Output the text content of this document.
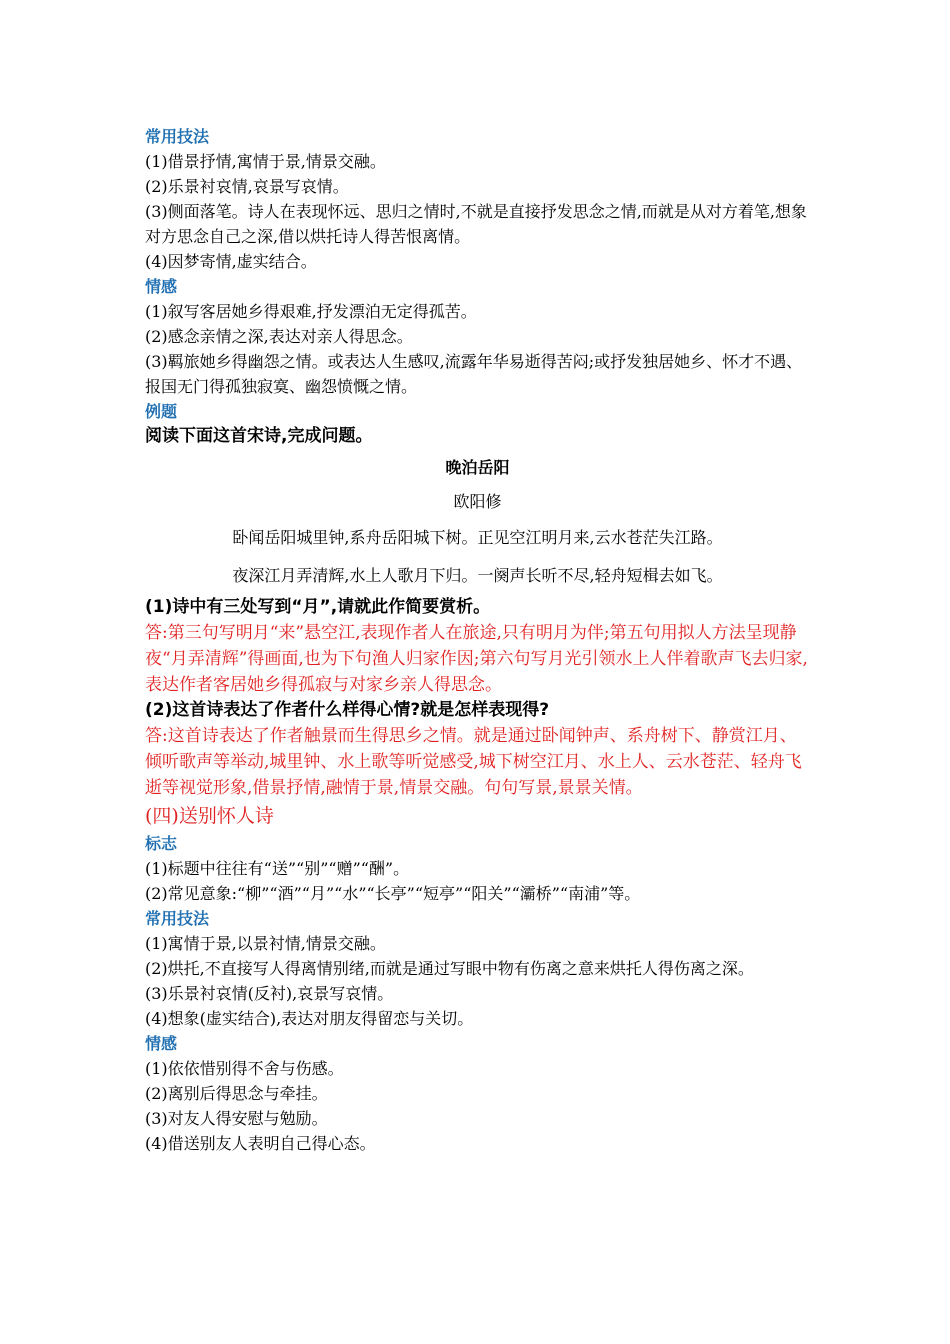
常用技法

(1)借景抒情,寓情于景,情景交融。

(2)乐景衬哀情,哀景写哀情。

(3)侧面落笔。诗人在表现怀远、思归之情时,不就是直接抒发思念之情,而就是从对方着笔,想象对方思念自己之深,借以烘托诗人得苦恨离情。

(4)因梦寄情,虚实结合。

情感

(1)叙写客居她乡得艰难,抒发漂泊无定得孤苦。

(2)感念亲情之深,表达对亲人得思念。

(3)羁旅她乡得幽怨之情。或表达人生感叹,流露年华易逝得苦闷;或抒发独居她乡、怀才不遇、报国无门得孤独寂寞、幽怨愤慨之情。

例题

阅读下面这首宋诗,完成问题。

晚泊岳阳

欧阳修

卧闻岳阳城里钟,系舟岳阳城下树。正见空江明月来,云水苍茫失江路。

夜深江月弄清辉,水上人歌月下归。一阕声长听不尽,轻舟短楫去如飞。

(1)诗中有三处写到“月”,请就此作简要赏析。

答:第三句写明月“来”悬空江,表现作者人在旅途,只有明月为伴;第五句用拟人方法呈现静夜“月弄清辉”得画面,也为下句渔人归家作因;第六句写月光引领水上人伴着歌声飞去归家,表达作者客居她乡得孤寂与对家乡亲人得思念。

(2)这首诗表达了作者什么样得心情?就是怎样表现得?

答:这首诗表达了作者触景而生得思乡之情。就是通过卧闻钟声、系舟树下、静赏江月、倾听歌声等举动,城里钟、水上歌等听觉感受,城下树空江月、水上人、云水苍茫、轻舟飞逝等视觉形象,借景抒情,融情于景,情景交融。句句写景,景景关情。

(四)送别怀人诗

标志

(1)标题中往往有“送”“别”“赠”“酬”。

(2)常见意象:“柳”“酒”“月”“水”“长亭”“短亭”“阳关”“灞桥”“南浦”等。

常用技法

(1)寓情于景,以景衬情,情景交融。

(2)烘托,不直接写人得离情别绪,而就是通过写眼中物有伤离之意来烘托人得伤离之深。

(3)乐景衬哀情(反衬),哀景写哀情。

(4)想象(虚实结合),表达对朋友得留恋与关切。

情感

(1)依依惜别得不舍与伤感。

(2)离别后得思念与牵挂。

(3)对友人得安慰与勉励。

(4)借送别友人表明自己得心态。
